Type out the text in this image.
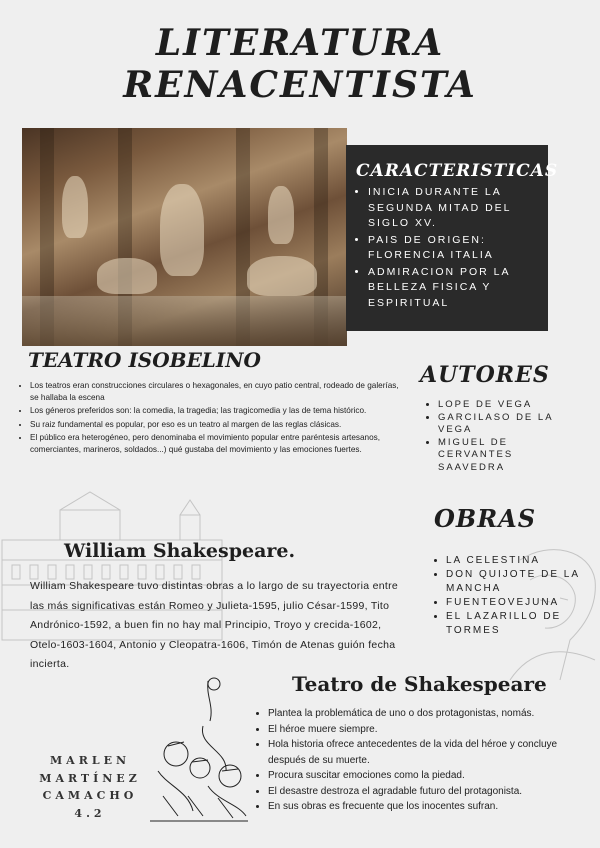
LITERATURA
RENACENTISTA
CARACTERISTICAS
• INICIA DURANTE LA SEGUNDA MITAD DEL SIGLO XV.
• PAIS DE ORIGEN: FLORENCIA ITALIA
• ADMIRACION POR LA BELLEZA FISICA Y ESPIRITUAL
TEATRO ISOBELINO
• Los teatros eran construcciones circulares o hexagonales, en cuyo patio central, rodeado de galerías, se hallaba la escena
• Los géneros preferidos son: la comedia, la tragedia; las tragicomedia y las de tema histórico.
• Su raiz fundamental es popular, por eso es un teatro al margen de las reglas clásicas.
• El público era heterogéneo, pero denominaba el movimiento popular entre paréntesis artesanos, comerciantes, marineros, soldados...) qué gustaba del movimiento y las emociones fuertes.
AUTORES
• LOPE DE VEGA
• GARCILASO DE LA VEGA
• MIGUEL DE CERVANTES SAAVEDRA
OBRAS
• LA CELESTINA
• DON QUIJOTE DE LA MANCHA
• FUENTEOVEJUNA
• EL LAZARILLO DE TORMES
William Shakespeare.
William Shakespeare tuvo distintas obras a lo largo de su trayectoria entre las más significativas están Romeo y Julieta-1595, julio César-1599, Tito Andrónico-1592, a buen fin no hay mal Principio, Troyo y crecida-1602, Otelo-1603-1604, Antonio y Cleopatra-1606, Timón de Atenas guión fecha incierta.
Teatro de Shakespeare
• Plantea la problemática de uno o dos protagonistas, nomás.
• El héroe muere siempre.
• Hola historia ofrece antecedentes de la vida del héroe y concluye después de su muerte.
• Procura suscitar emociones como la piedad.
• El desastre destroza el agradable futuro del protagonista.
• En sus obras es frecuente que los inocentes sufran.
MARLEN
MARTÍNEZ
CAMACHO
4.2
